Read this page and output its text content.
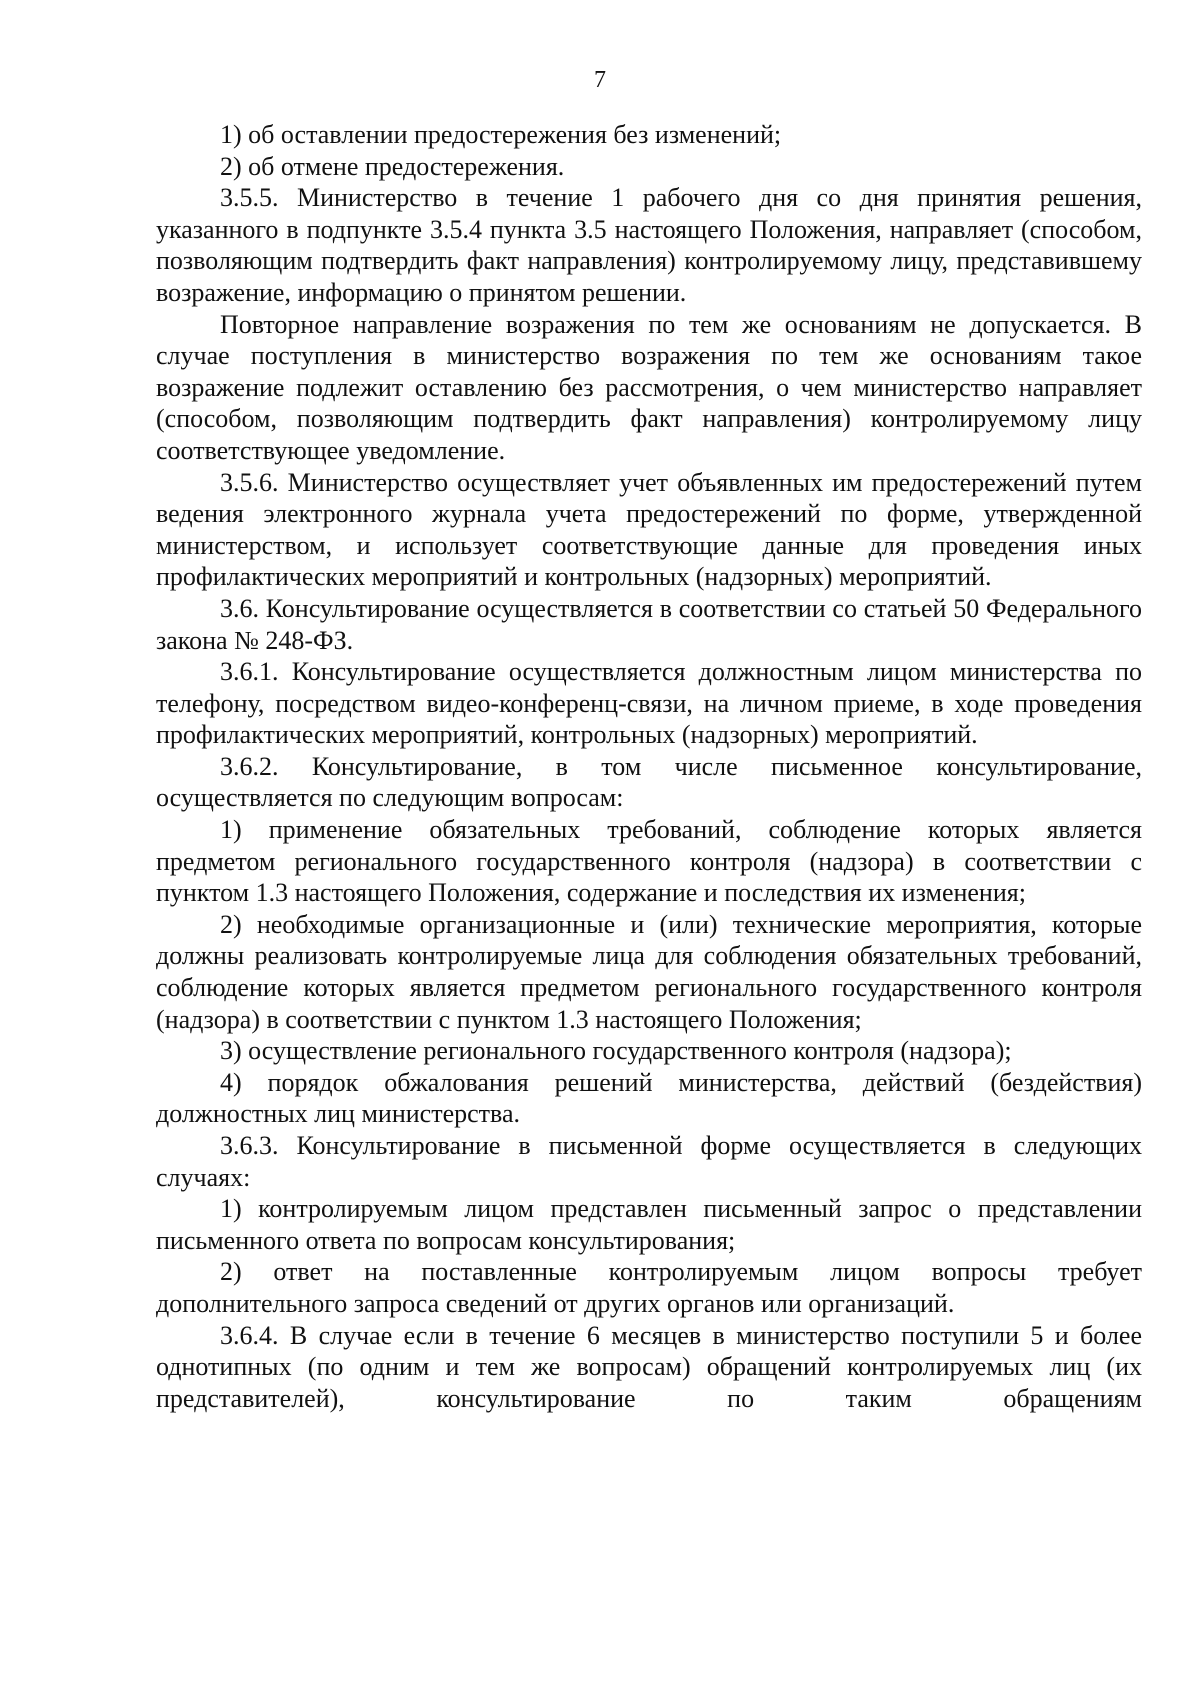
7

1) об оставлении предостережения без изменений;

2) об отмене предостережения.

3.5.5. Министерство в течение 1 рабочего дня со дня принятия решения, указанного в подпункте 3.5.4 пункта 3.5 настоящего Положения, направляет (способом, позволяющим подтвердить факт направления) контролируемому лицу, представившему возражение, информацию о принятом решении.

Повторное направление возражения по тем же основаниям не допускается. В случае поступления в министерство возражения по тем же основаниям такое возражение подлежит оставлению без рассмотрения, о чем министерство направляет (способом, позволяющим подтвердить факт направления) контролируемому лицу соответствующее уведомление.

3.5.6. Министерство осуществляет учет объявленных им предостережений путем ведения электронного журнала учета предостережений по форме, утвержденной министерством, и использует соответствующие данные для проведения иных профилактических мероприятий и контрольных (надзорных) мероприятий.

3.6. Консультирование осуществляется в соответствии со статьей 50 Федерального закона № 248-ФЗ.

3.6.1. Консультирование осуществляется должностным лицом министерства по телефону, посредством видео-конференц-связи, на личном приеме, в ходе проведения профилактических мероприятий, контрольных (надзорных) мероприятий.

3.6.2. Консультирование, в том числе письменное консультирование, осуществляется по следующим вопросам:

1) применение обязательных требований, соблюдение которых является предметом регионального государственного контроля (надзора) в соответствии с пунктом 1.3 настоящего Положения, содержание и последствия их изменения;

2) необходимые организационные и (или) технические мероприятия, которые должны реализовать контролируемые лица для соблюдения обязательных требований, соблюдение которых является предметом регионального государственного контроля (надзора) в соответствии с пунктом 1.3 настоящего Положения;

3) осуществление регионального государственного контроля (надзора);

4) порядок обжалования решений министерства, действий (бездействия) должностных лиц министерства.

3.6.3. Консультирование в письменной форме осуществляется в следующих случаях:

1) контролируемым лицом представлен письменный запрос о представлении письменного ответа по вопросам консультирования;

2) ответ на поставленные контролируемым лицом вопросы требует дополнительного запроса сведений от других органов или организаций.

3.6.4. В случае если в течение 6 месяцев в министерство поступили 5 и более однотипных (по одним и тем же вопросам) обращений контролируемых лиц (их представителей), консультирование по таким обращениям
